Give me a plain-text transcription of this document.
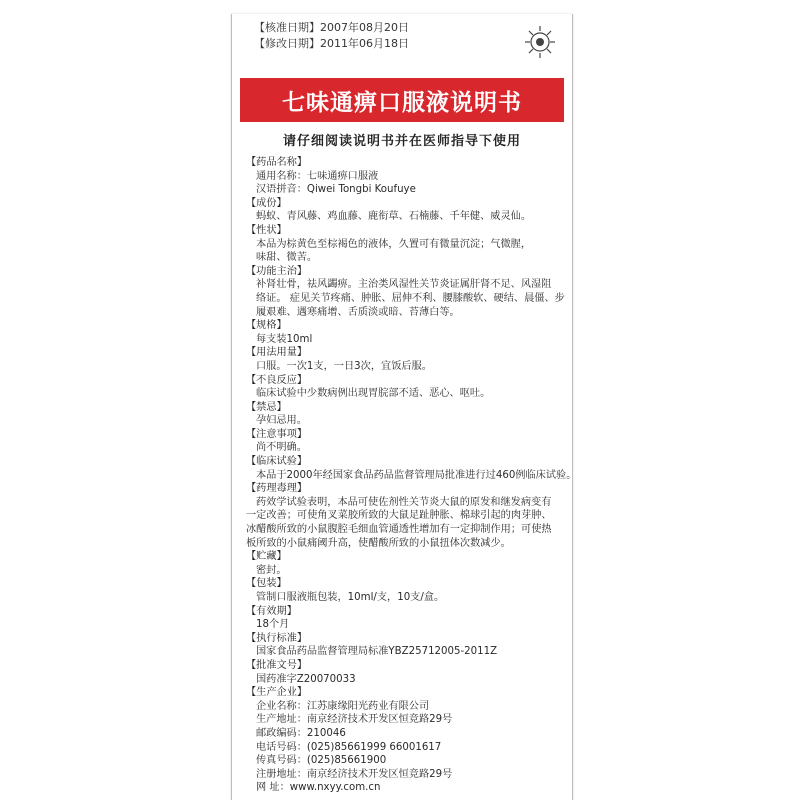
【核准日期】2007年08月20日
【修改日期】2011年06月18日
七味通痹口服液说明书
请仔细阅读说明书并在医师指导下使用
【药品名称】
通用名称：七味通痹口服液
汉语拼音：Qiwei Tongbi Koufuye
【成份】
蚂蚁、青风藤、鸡血藤、鹿衔草、石楠藤、千年健、威灵仙。
【性状】
本品为棕黄色至棕褐色的液体，久置可有微量沉淀；气微腥，
味甜、微苦。
【功能主治】
补肾壮骨，祛风蠲痹。主治类风湿性关节炎证属肝肾不足、风湿阻
络证。 症见关节疼痛、肿胀、屈伸不利、腰膝酸软、硬结、晨僵、步
履艰难、遇寒痛增、舌质淡或暗、苔薄白等。
【规格】
每支装10ml
【用法用量】
口服。一次1支，一日3次，宜饭后服。
【不良反应】
临床试验中少数病例出现胃脘部不适、恶心、呕吐。
【禁忌】
孕妇忌用。
【注意事项】
尚不明确。
【临床试验】
本品于2000年经国家食品药品监督管理局批准进行过460例临床试验。
【药理毒理】
药效学试验表明，本品可使佐剂性关节炎大鼠的原发和继发病变有
一定改善；可使角叉菜胶所致的大鼠足趾肿胀、棉球引起的肉芽肿、
冰醋酸所致的小鼠腹腔毛细血管通透性增加有一定抑制作用；可使热
板所致的小鼠痛阈升高，使醋酸所致的小鼠扭体次数减少。
【贮藏】
密封。
【包装】
管制口服液瓶包装，10ml/支，10支/盒。
【有效期】
18个月
【执行标准】
国家食品药品监督管理局标准YBZ25712005-2011Z
【批准文号】
国药准字Z20070033
【生产企业】
企业名称：江苏康缘阳光药业有限公司
生产地址：南京经济技术开发区恒竞路29号
邮政编码：210046
电话号码：(025)85661999 66001617
传真号码：(025)85661900
注册地址：南京经济技术开发区恒竞路29号
网 址：www.nxyy.com.cn
